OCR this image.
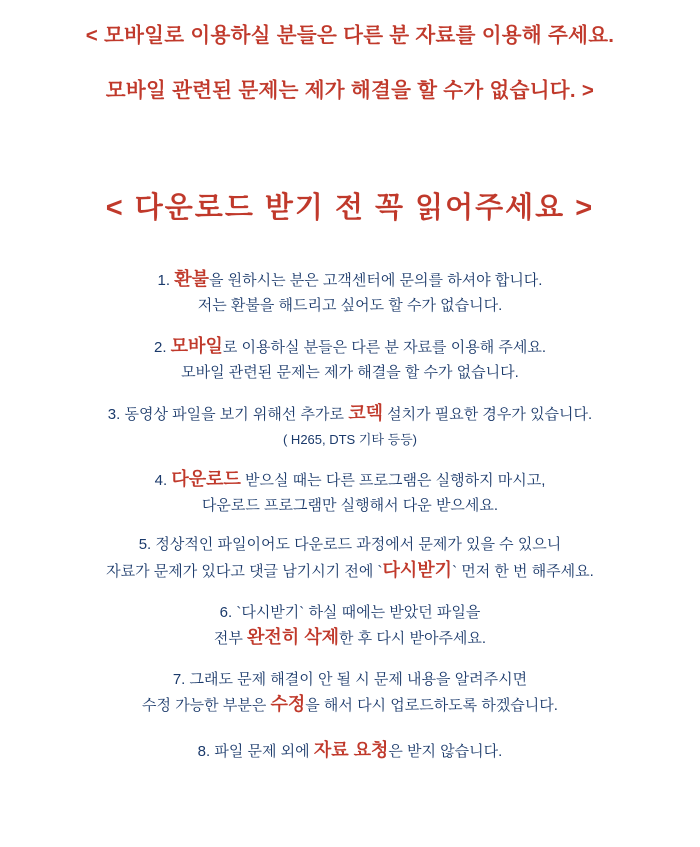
< 모바일로 이용하실 분들은 다른 분 자료를 이용해 주세요.
모바일 관련된 문제는 제가 해결을 할 수가 없습니다. >
< 다운로드 받기 전 꼭 읽어주세요 >
1. 환불을 원하시는 분은 고객센터에 문의를 하셔야 합니다.
저는 환불을 해드리고 싶어도 할 수가 없습니다.
2. 모바일로 이용하실 분들은 다른 분 자료를 이용해 주세요.
모바일 관련된 문제는 제가 해결을 할 수가 없습니다.
3. 동영상 파일을 보기 위해선 추가로 코덱 설치가 필요한 경우가 있습니다.
( H265, DTS 기타 등등)
4. 다운로드 받으실 때는 다른 프로그램은 실행하지 마시고,
다운로드 프로그램만 실행해서 다운 받으세요.
5. 정상적인 파일이어도 다운로드 과정에서 문제가 있을 수 있으니
자료가 문제가 있다고 댓글 남기시기 전에 `다시받기` 먼저 한 번 해주세요.
6. `다시받기` 하실 때에는 받았던 파일을
전부 완전히 삭제한 후 다시 받아주세요.
7. 그래도 문제 해결이 안 될 시 문제 내용을 알려주시면
수정 가능한 부분은 수정을 해서 다시 업로드하도록 하겠습니다.
8. 파일 문제 외에 자료 요청은 받지 않습니다.
